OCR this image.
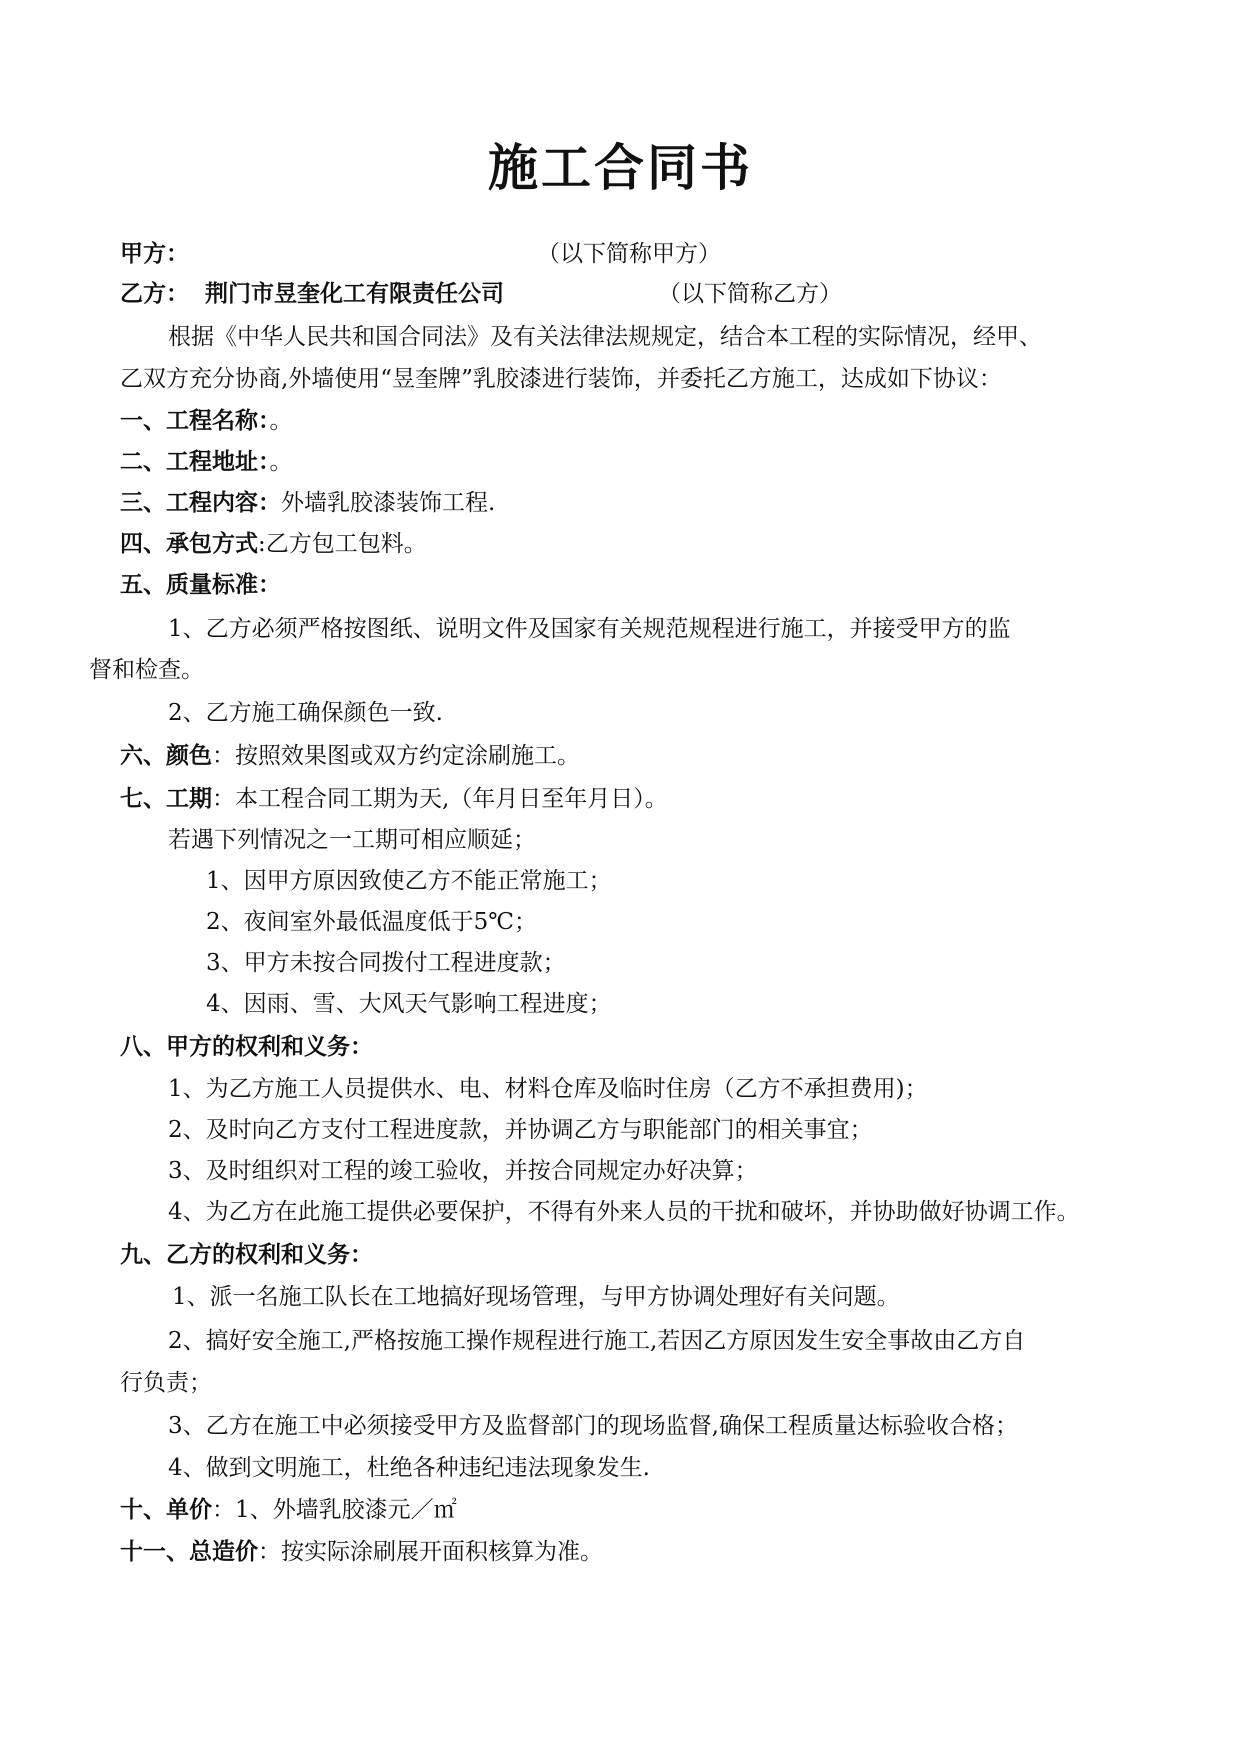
施工合同书
甲方：	（以下简称甲方）
乙方： 荆门市昱奎化工有限责任公司	（以下简称乙方）
根据《中华人民共和国合同法》及有关法律法规规定，结合本工程的实际情况，经甲、
乙双方充分协商,外墙使用“昱奎牌”乳胶漆进行装饰，并委托乙方施工，达成如下协议：
一、工程名称：。
二、工程地址：。
三、工程内容：外墙乳胶漆装饰工程.
四、承包方式:乙方包工包料。
五、质量标准：
1、乙方必须严格按图纸、说明文件及国家有关规范规程进行施工，并接受甲方的监
督和检查。
2、乙方施工确保颜色一致.
六、颜色：按照效果图或双方约定涂刷施工。
七、工期：本工程合同工期为天,（年月日至年月日）。
若遇下列情况之一工期可相应顺延；
1、因甲方原因致使乙方不能正常施工；
2、夜间室外最低温度低于5℃；
3、甲方未按合同拨付工程进度款；
4、因雨、雪、大风天气影响工程进度；
八、甲方的权利和义务：
1、为乙方施工人员提供水、电、材料仓库及临时住房（乙方不承担费用)；
2、及时向乙方支付工程进度款，并协调乙方与职能部门的相关事宜；
3、及时组织对工程的竣工验收，并按合同规定办好决算；
4、为乙方在此施工提供必要保护，不得有外来人员的干扰和破坏，并协助做好协调工作。
九、乙方的权利和义务：
1、派一名施工队长在工地搞好现场管理，与甲方协调处理好有关问题。
2、搞好安全施工,严格按施工操作规程进行施工,若因乙方原因发生安全事故由乙方自
行负责；
3、乙方在施工中必须接受甲方及监督部门的现场监督,确保工程质量达标验收合格；
4、做到文明施工，杜绝各种违纪违法现象发生.
十、单价：1、外墙乳胶漆元／㎡
十一、总造价：按实际涂刷展开面积核算为准。
